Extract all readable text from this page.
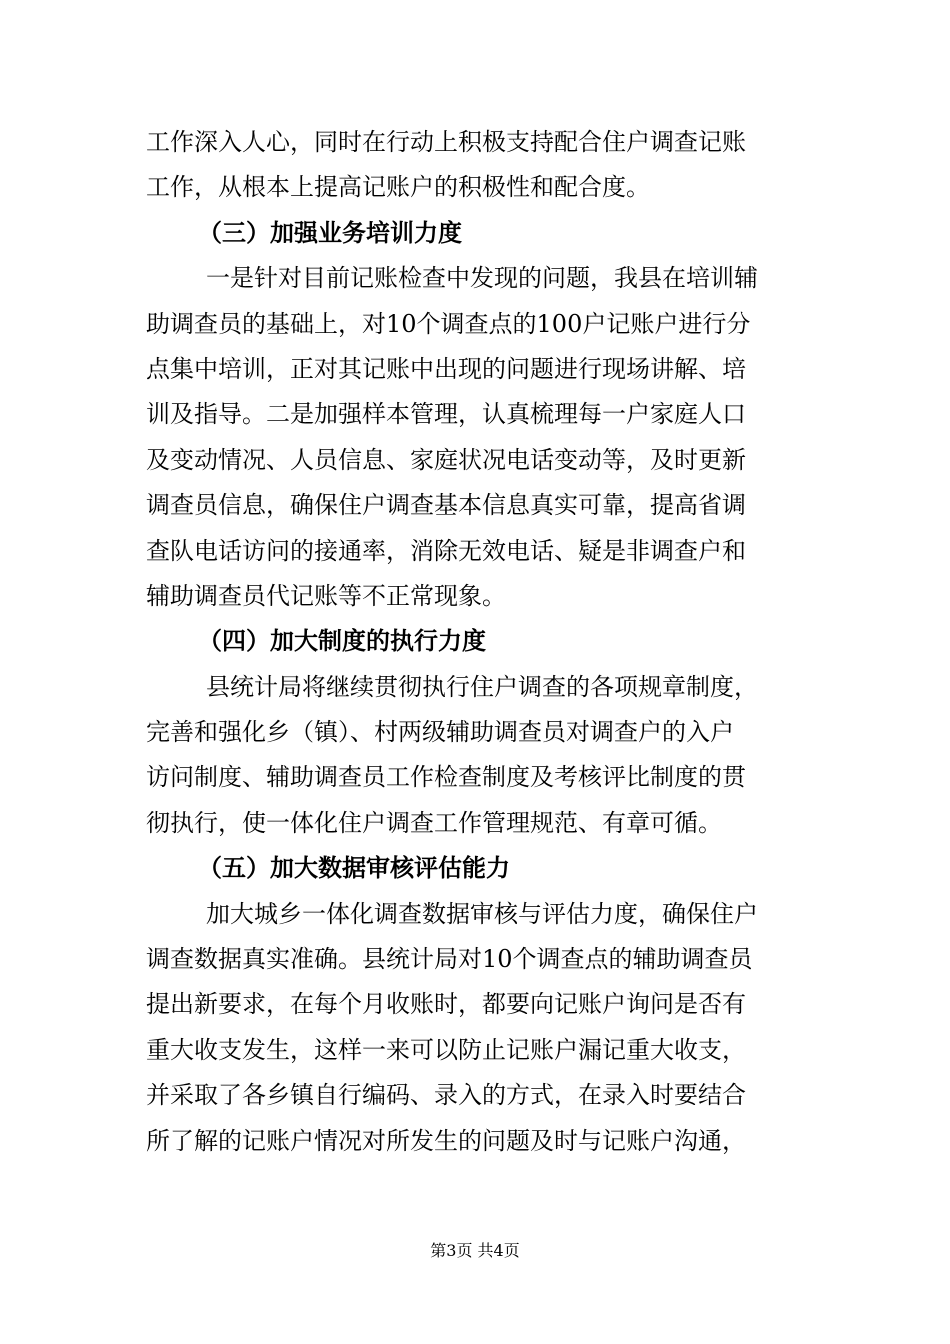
工作深入人心，同时在行动上积极支持配合住户调查记账
工作，从根本上提高记账户的积极性和配合度。
（三）加强业务培训力度
一是针对目前记账检查中发现的问题，我县在培训辅
助调查员的基础上，对10个调查点的100户记账户进行分
点集中培训，正对其记账中出现的问题进行现场讲解、培
训及指导。二是加强样本管理，认真梳理每一户家庭人口
及变动情况、人员信息、家庭状况电话变动等，及时更新
调查员信息，确保住户调查基本信息真实可靠，提高省调
查队电话访问的接通率，消除无效电话、疑是非调查户和
辅助调查员代记账等不正常现象。
（四）加大制度的执行力度
县统计局将继续贯彻执行住户调查的各项规章制度，
完善和强化乡（镇）、村两级辅助调查员对调查户的入户
访问制度、辅助调查员工作检查制度及考核评比制度的贯
彻执行，使一体化住户调查工作管理规范、有章可循。
（五）加大数据审核评估能力
加大城乡一体化调查数据审核与评估力度，确保住户
调查数据真实准确。县统计局对10个调查点的辅助调查员
提出新要求，在每个月收账时，都要向记账户询问是否有
重大收支发生，这样一来可以防止记账户漏记重大收支，
并采取了各乡镇自行编码、录入的方式，在录入时要结合
所了解的记账户情况对所发生的问题及时与记账户沟通，
第3页 共4页
